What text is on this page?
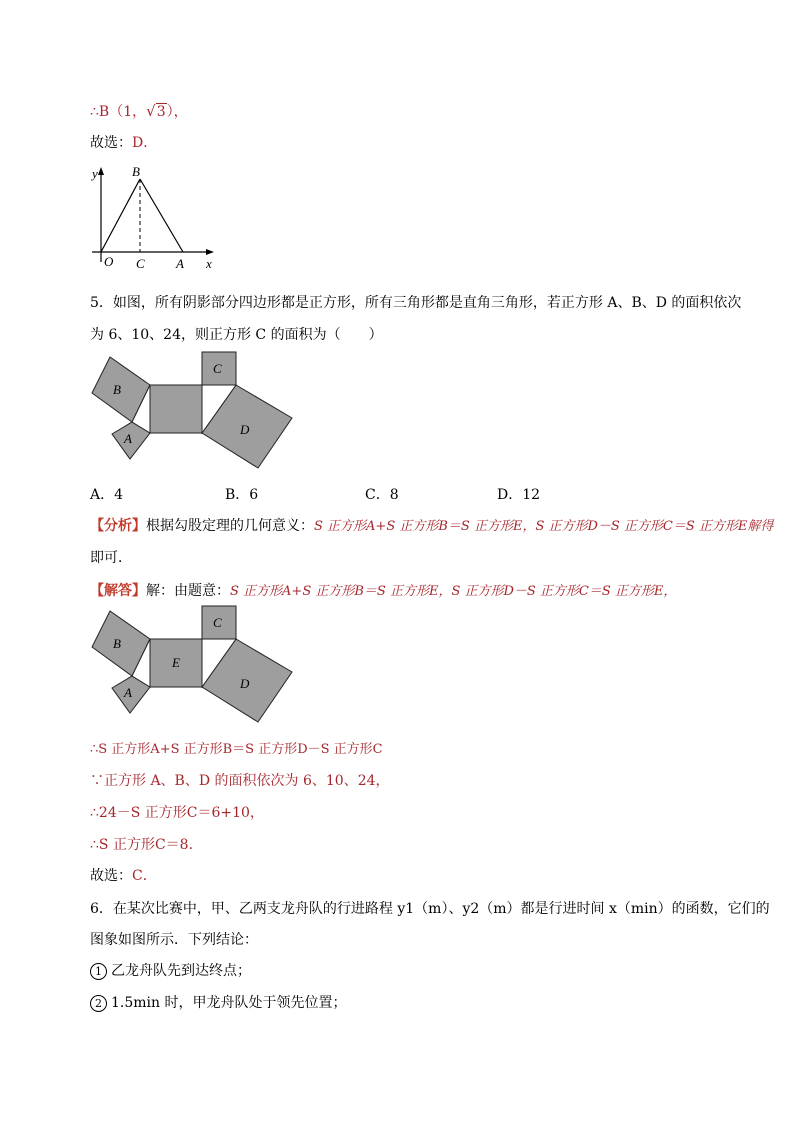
∴B（1，√3），
故选：D．
y	B
O C A x
5．如图，所有阴影部分四边形都是正方形，所有三角形都是直角三角形，若正方形 A、B、D 的面积依次
为 6、10、24，则正方形 C 的面积为（　　）
B
A
C
D
A．4	B．6	C．8	D．12
【分析】根据勾股定理的几何意义：S 正方形A+S 正方形B＝S 正方形E，S 正方形D－S 正方形C＝S 正方形E解得
即可．
【解答】解：由题意：S 正方形A+S 正方形B＝S 正方形E，S 正方形D－S 正方形C＝S 正方形E，
B
A
E
C
D
∴S 正方形A+S 正方形B＝S 正方形D－S 正方形C
∵正方形 A、B、D 的面积依次为 6、10、24，
∴24－S 正方形C＝6+10，
∴S 正方形C＝8．
故选：C．
6．在某次比赛中，甲、乙两支龙舟队的行进路程 y1（m）、y2（m）都是行进时间 x（min）的函数，它们的
图象如图所示．下列结论：
1 乙龙舟队先到达终点；
2 1.5min 时，甲龙舟队处于领先位置；
